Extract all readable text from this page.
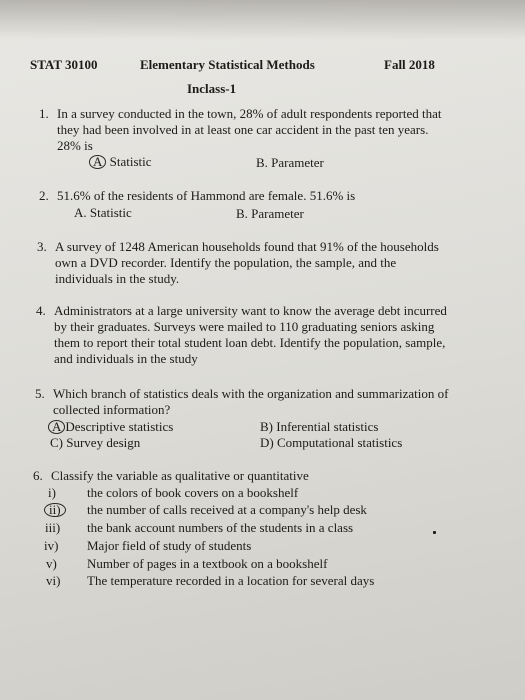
STAT 30100	Elementary Statistical Methods	Fall 2018
Inclass-1
1. In a survey conducted in the town, 28% of adult respondents reported that
they had been involved in at least one car accident in the past ten years.
28% is
A Statistic	B. Parameter
2. 51.6% of the residents of Hammond are female. 51.6% is
A. Statistic	B. Parameter
3. A survey of 1248 American households found that 91% of the households
own a DVD recorder. Identify the population, the sample, and the
individuals in the study.
4. Administrators at a large university want to know the average debt incurred
by their graduates. Surveys were mailed to 110 graduating seniors asking
them to report their total student loan debt. Identify the population, sample,
and individuals in the study
5. Which branch of statistics deals with the organization and summarization of
collected information?
A Descriptive statistics	B) Inferential statistics
C) Survey design	D) Computational statistics
6. Classify the variable as qualitative or quantitative
i)	the colors of book covers on a bookshelf
ii)	the number of calls received at a company's help desk
iii)	the bank account numbers of the students in a class
iv)	Major field of study of students
v)	Number of pages in a textbook on a bookshelf
vi)	The temperature recorded in a location for several days
